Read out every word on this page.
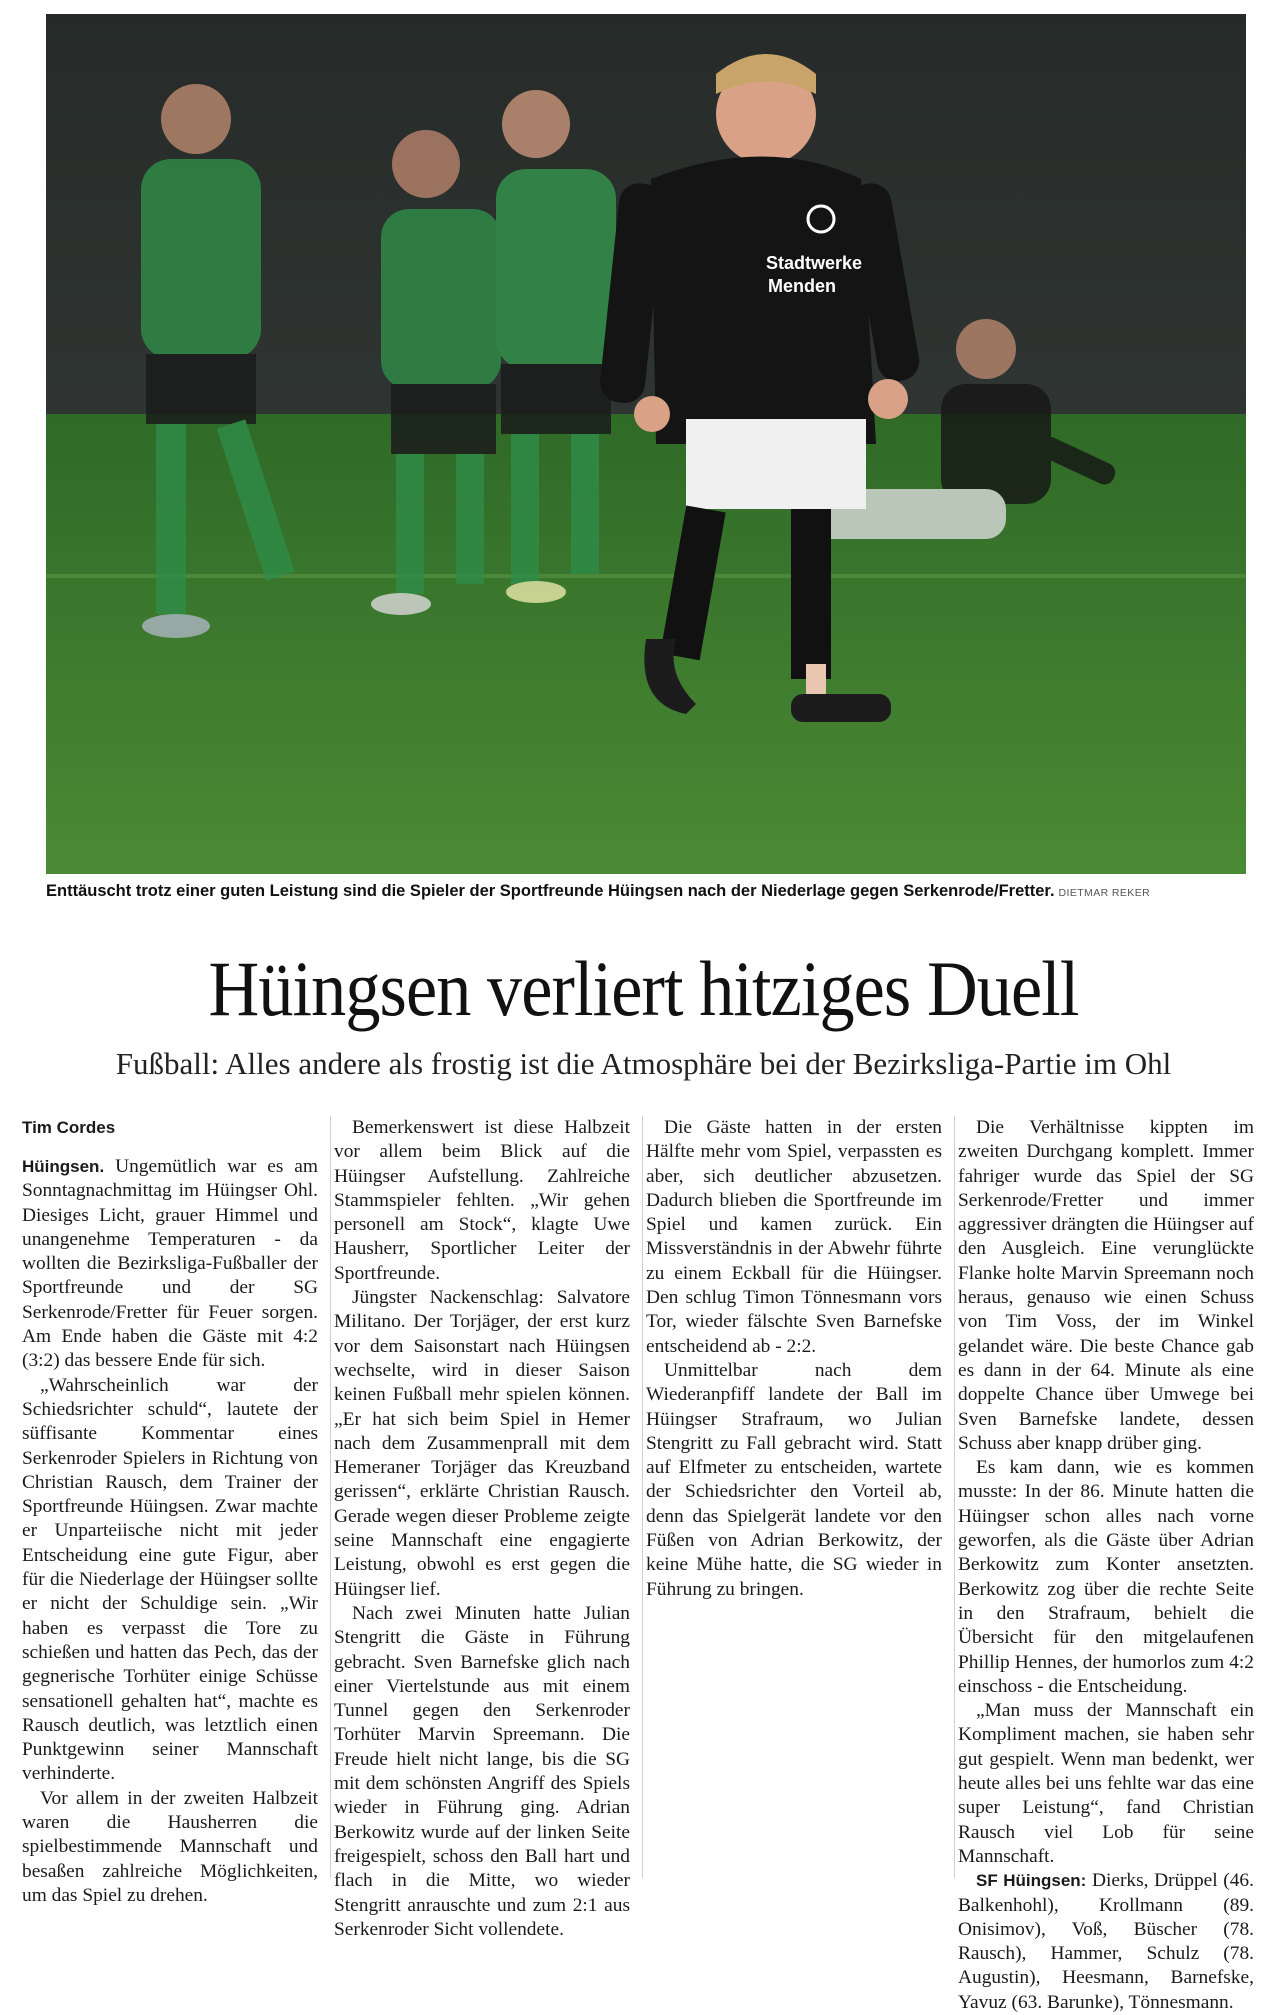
Stadtwerke
Menden
Enttäuscht trotz einer guten Leistung sind die Spieler der Sportfreunde Hüingsen nach der Niederlage gegen Serkenrode/Fretter. DIETMAR REKER
Hüingsen verliert hitziges Duell
Fußball: Alles andere als frostig ist die Atmosphäre bei der Bezirksliga-Partie im Ohl

Tim Cordes

Hüingsen. Ungemütlich war es am Sonntagnachmittag im Hüingser Ohl. Diesiges Licht, grauer Himmel und unangenehme Temperaturen - da wollten die Bezirksliga-Fußballer der Sportfreunde und der SG Serkenrode/Fretter für Feuer sorgen. Am Ende haben die Gäste mit 4:2 (3:2) das bessere Ende für sich.

„Wahrscheinlich war der Schiedsrichter schuld“, lautete der süffisante Kommentar eines Serkenroder Spielers in Richtung von Christian Rausch, dem Trainer der Sportfreunde Hüingsen. Zwar machte er Unparteiische nicht mit jeder Entscheidung eine gute Figur, aber für die Niederlage der Hüingser sollte er nicht der Schuldige sein. „Wir haben es verpasst die Tore zu schießen und hatten das Pech, das der gegnerische Torhüter einige Schüsse sensationell gehalten hat“, machte es Rausch deutlich, was letztlich einen Punktgewinn seiner Mannschaft verhinderte.

Vor allem in der zweiten Halbzeit waren die Hausherren die spielbestimmende Mannschaft und besaßen zahlreiche Möglichkeiten, um das Spiel zu drehen.

Bemerkenswert ist diese Halbzeit vor allem beim Blick auf die Hüingser Aufstellung. Zahlreiche Stammspieler fehlten. „Wir gehen personell am Stock“, klagte Uwe Hausherr, Sportlicher Leiter der Sportfreunde.

Jüngster Nackenschlag: Salvatore Militano. Der Torjäger, der erst kurz vor dem Saisonstart nach Hüingsen wechselte, wird in dieser Saison keinen Fußball mehr spielen können. „Er hat sich beim Spiel in Hemer nach dem Zusammenprall mit dem Hemeraner Torjäger das Kreuzband gerissen“, erklärte Christian Rausch. Gerade wegen dieser Probleme zeigte seine Mannschaft eine engagierte Leistung, obwohl es erst gegen die Hüingser lief.

Nach zwei Minuten hatte Julian Stengritt die Gäste in Führung gebracht. Sven Barnefske glich nach einer Viertelstunde aus mit einem Tunnel gegen den Serkenroder Torhüter Marvin Spreemann. Die Freude hielt nicht lange, bis die SG mit dem schönsten Angriff des Spiels wieder in Führung ging. Adrian Berkowitz wurde auf der linken Seite freigespielt, schoss den Ball hart und flach in die Mitte, wo wieder Stengritt anrauschte und zum 2:1 aus Serkenroder Sicht vollendete.

Die Gäste hatten in der ersten Hälfte mehr vom Spiel, verpassten es aber, sich deutlicher abzusetzen. Dadurch blieben die Sportfreunde im Spiel und kamen zurück. Ein Missverständnis in der Abwehr führte zu einem Eckball für die Hüingser. Den schlug Timon Tönnesmann vors Tor, wieder fälschte Sven Barnefske entscheidend ab - 2:2.

Unmittelbar nach dem Wiederanpfiff landete der Ball im Hüingser Strafraum, wo Julian Stengritt zu Fall gebracht wird. Statt auf Elfmeter zu entscheiden, wartete der Schiedsrichter den Vorteil ab, denn das Spielgerät landete vor den Füßen von Adrian Berkowitz, der keine Mühe hatte, die SG wieder in Führung zu bringen.

Die Verhältnisse kippten im zweiten Durchgang komplett. Immer fahriger wurde das Spiel der SG Serkenrode/Fretter und immer aggressiver drängten die Hüingser auf den Ausgleich. Eine verunglückte Flanke holte Marvin Spreemann noch heraus, genauso wie einen Schuss von Tim Voss, der im Winkel gelandet wäre. Die beste Chance gab es dann in der 64. Minute als eine doppelte Chance über Umwege bei Sven Barnefske landete, dessen Schuss aber knapp drüber ging.

Es kam dann, wie es kommen musste: In der 86. Minute hatten die Hüingser schon alles nach vorne geworfen, als die Gäste über Adrian Berkowitz zum Konter ansetzten. Berkowitz zog über die rechte Seite in den Strafraum, behielt die Übersicht für den mitgelaufenen Phillip Hennes, der humorlos zum 4:2 einschoss - die Entscheidung.

„Man muss der Mannschaft ein Kompliment machen, sie haben sehr gut gespielt. Wenn man bedenkt, wer heute alles bei uns fehlte war das eine super Leistung“, fand Christian Rausch viel Lob für seine Mannschaft.

SF Hüingsen: Dierks, Drüppel (46. Balkenhohl), Krollmann (89. Onisimov), Voß, Büscher (78. Rausch), Hammer, Schulz (78. Augustin), Heesmann, Barnefske, Yavuz (63. Barunke), Tönnesmann.
